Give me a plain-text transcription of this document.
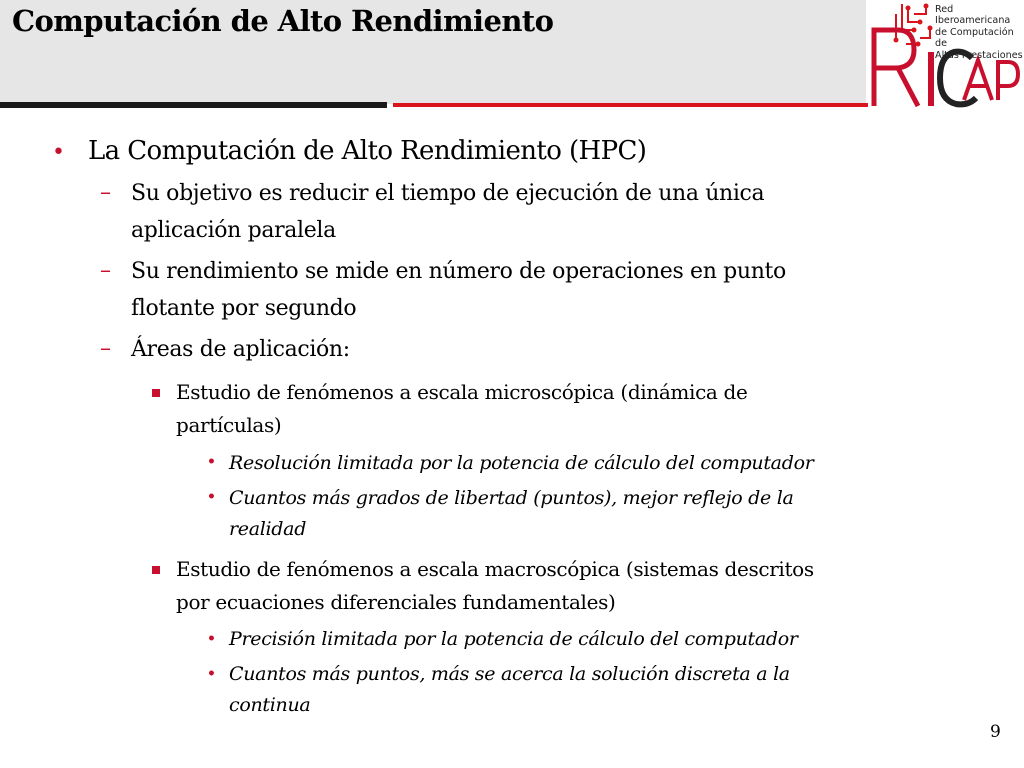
Computación de Alto Rendimiento	Red Iberoamericana
de Computación de
Altas Prestaciones
• La Computación de Alto Rendimiento (HPC)
– Su objetivo es reducir el tiempo de ejecución de una única
aplicación paralela
– Su rendimiento se mide en número de operaciones en punto
flotante por segundo
– Áreas de aplicación:
Estudio de fenómenos a escala microscópica (dinámica de
partículas)
• Resolución limitada por la potencia de cálculo del computador
• Cuantos más grados de libertad (puntos), mejor reflejo de la
realidad
Estudio de fenómenos a escala macroscópica (sistemas descritos
por ecuaciones diferenciales fundamentales)
• Precisión limitada por la potencia de cálculo del computador
• Cuantos más puntos, más se acerca la solución discreta a la
continua
9
